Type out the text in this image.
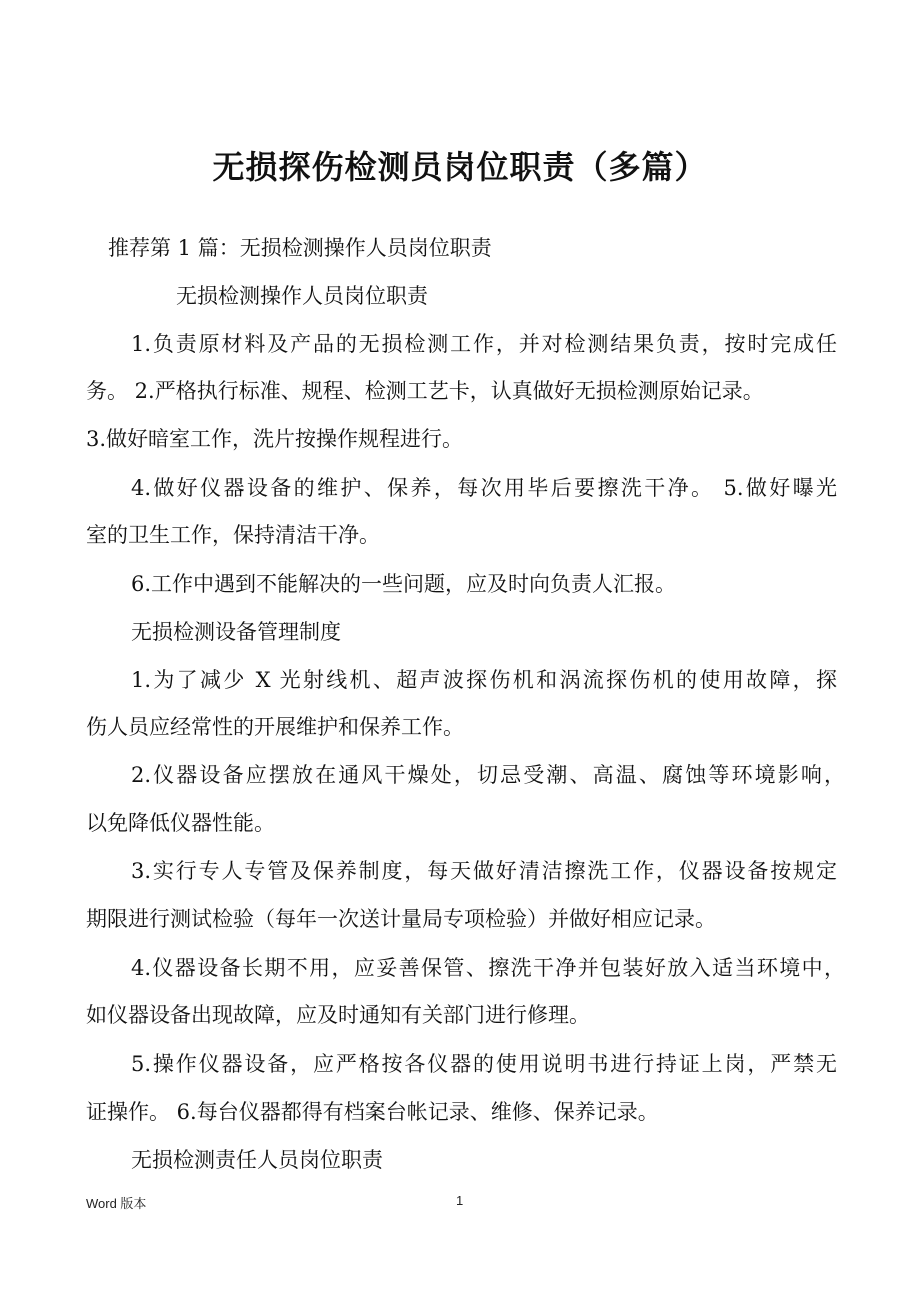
无损探伤检测员岗位职责（多篇）
推荐第 1 篇：无损检测操作人员岗位职责
无损检测操作人员岗位职责
1.负责原材料及产品的无损检测工作，并对检测结果负责，按时完成任
务。 2.严格执行标准、规程、检测工艺卡，认真做好无损检测原始记录。
3.做好暗室工作，洗片按操作规程进行。
4.做好仪器设备的维护、保养，每次用毕后要擦洗干净。 5.做好曝光
室的卫生工作，保持清洁干净。
6.工作中遇到不能解决的一些问题，应及时向负责人汇报。
无损检测设备管理制度
1.为了减少 X 光射线机、超声波探伤机和涡流探伤机的使用故障，探
伤人员应经常性的开展维护和保养工作。
2.仪器设备应摆放在通风干燥处，切忌受潮、高温、腐蚀等环境影响，
以免降低仪器性能。
3.实行专人专管及保养制度，每天做好清洁擦洗工作，仪器设备按规定
期限进行测试检验（每年一次送计量局专项检验）并做好相应记录。
4.仪器设备长期不用，应妥善保管、擦洗干净并包装好放入适当环境中，
如仪器设备出现故障，应及时通知有关部门进行修理。
5.操作仪器设备，应严格按各仪器的使用说明书进行持证上岗，严禁无
证操作。 6.每台仪器都得有档案台帐记录、维修、保养记录。
无损检测责任人员岗位职责
Word 版本	1
